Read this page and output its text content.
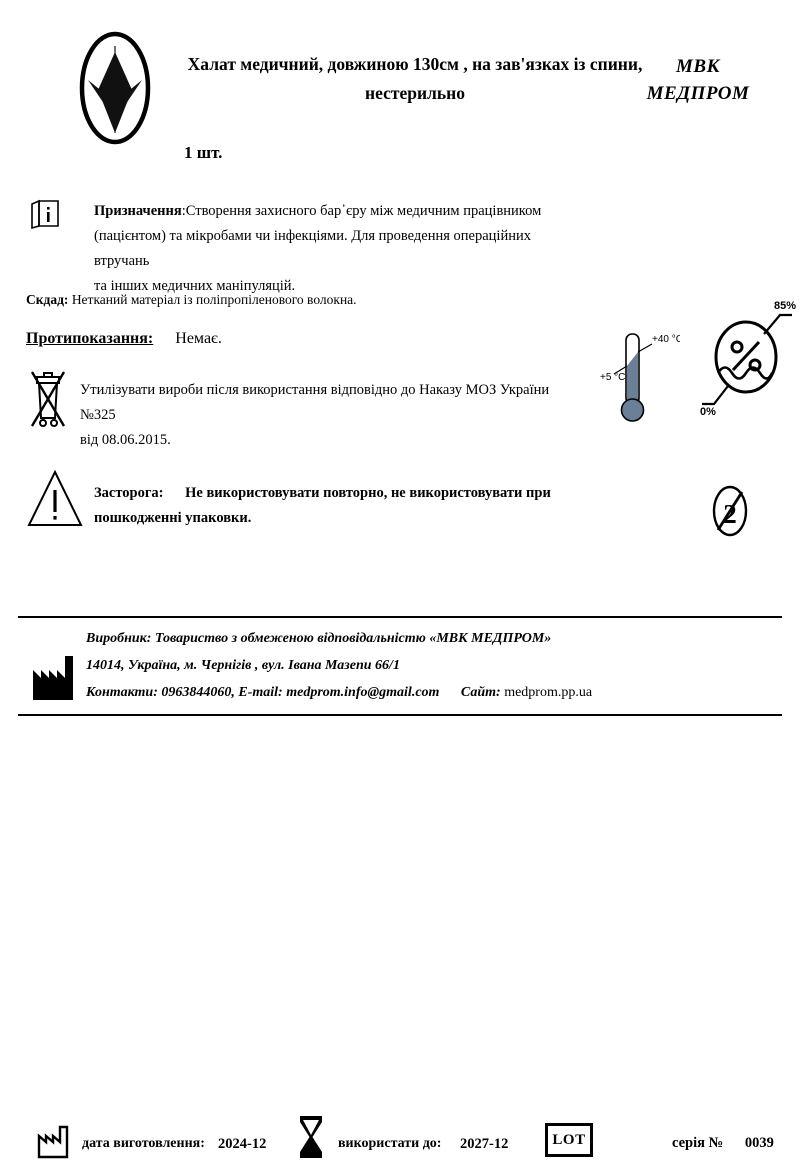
Халат медичний, довжиною 130см , на зав'язках із спини,
нестерильно
1 шт.
МВК
МЕДПРОМ
Призначення:Створення захисного бар᾽єру між медичним працівником
(пацієнтом) та мікробами чи інфекціями. Для проведення операційних втручань
та інших медичних маніпуляцій.
Скдад: Нетканий матеріал із поліпропіленового волокна.
Протипоказання: Немає.
Утилізувати вироби після використання відповідно до Наказу МОЗ України №325
від 08.06.2015.
+40 °C
+5 °C
85%
0%
Засторога: Не використовувати повторно, не використовувати при
пошкодженні упаковки.	2
дата виготовлення: 2024-12	використати до: 2027-12	LOT	серія № 0039
Виробник: Товариство з обмеженою відповідальністю «МВК МЕДПРОМ»
14014, Україна, м. Чернігів , вул. Івана Мазепи 66/1
Контакти: 0963844060, E-mail: medprom.info@gmail.com Сайт: medprom.pp.ua
